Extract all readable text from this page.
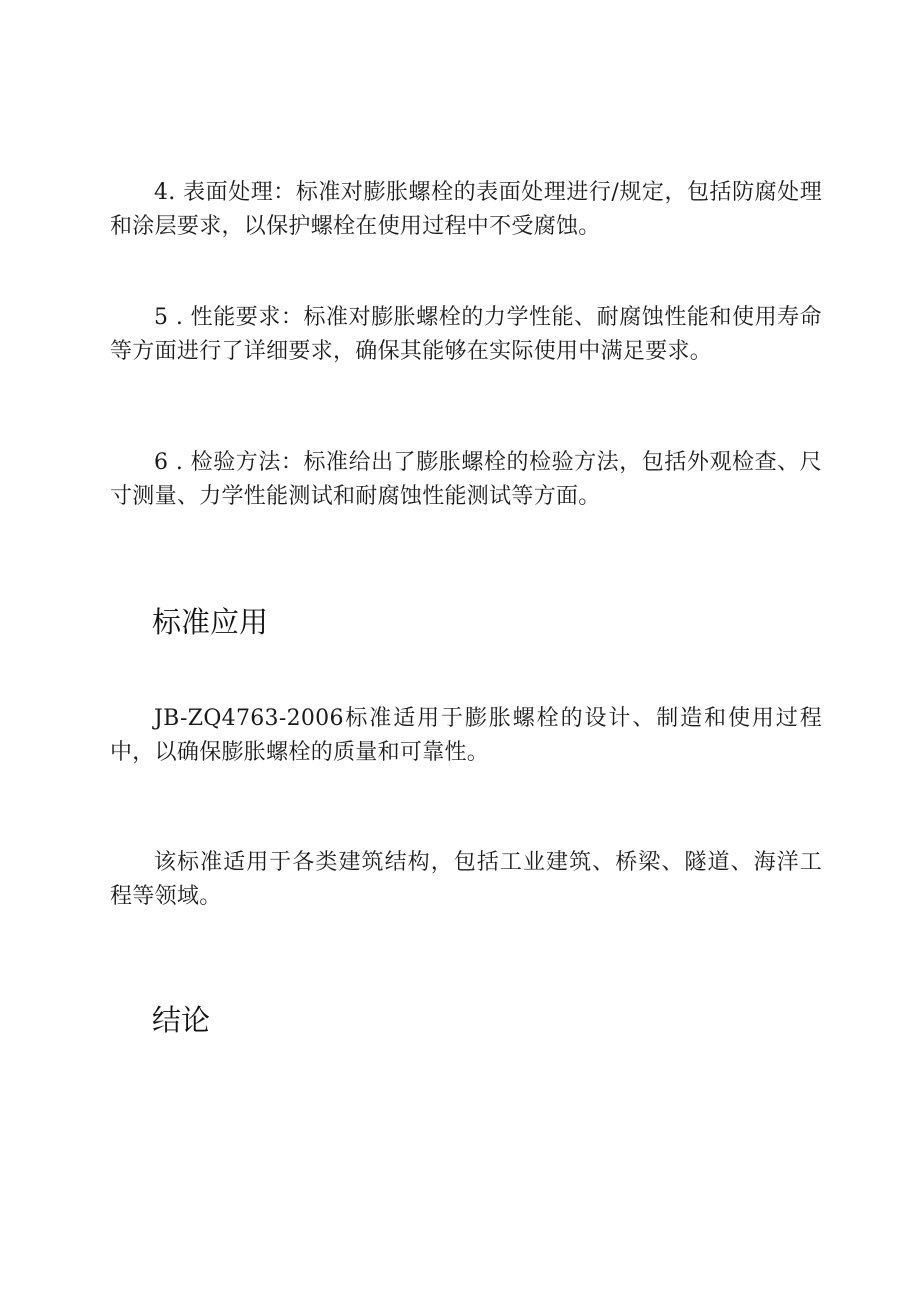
4. 表面处理：标准对膨胀螺栓的表面处理进行/规定，包括防腐处理和涂层要求，以保护螺栓在使用过程中不受腐蚀。

5 . 性能要求：标准对膨胀螺栓的力学性能、耐腐蚀性能和使用寿命等方面进行了详细要求，确保其能够在实际使用中满足要求。

6 . 检验方法：标准给出了膨胀螺栓的检验方法，包括外观检查、尺寸测量、力学性能测试和耐腐蚀性能测试等方面。

标准应用

JB-ZQ4763-2006标准适用于膨胀螺栓的设计、制造和使用过程中，以确保膨胀螺栓的质量和可靠性。

该标准适用于各类建筑结构，包括工业建筑、桥梁、隧道、海洋工程等领域。

结论
